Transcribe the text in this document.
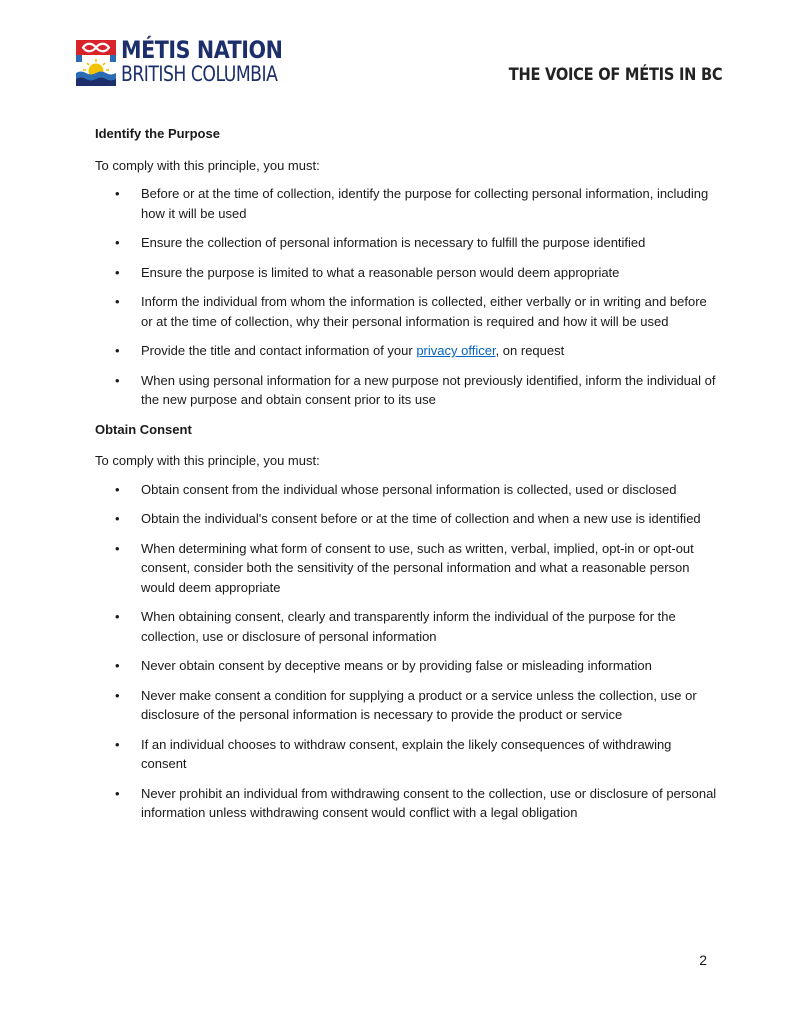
MÉTIS NATION
BRITISH COLUMBIA	THE VOICE OF MÉTIS IN BC
Identify the Purpose
To comply with this principle, you must:
• Before or at the time of collection, identify the purpose for collecting personal information, including how it will be used
• Ensure the collection of personal information is necessary to fulfill the purpose identified
• Ensure the purpose is limited to what a reasonable person would deem appropriate
• Inform the individual from whom the information is collected, either verbally or in writing and before or at the time of collection, why their personal information is required and how it will be used
• Provide the title and contact information of your privacy officer, on request
• When using personal information for a new purpose not previously identified, inform the individual of the new purpose and obtain consent prior to its use
Obtain Consent
To comply with this principle, you must:
• Obtain consent from the individual whose personal information is collected, used or disclosed
• Obtain the individual's consent before or at the time of collection and when a new use is identified
• When determining what form of consent to use, such as written, verbal, implied, opt-in or opt-out consent, consider both the sensitivity of the personal information and what a reasonable person would deem appropriate
• When obtaining consent, clearly and transparently inform the individual of the purpose for the collection, use or disclosure of personal information
• Never obtain consent by deceptive means or by providing false or misleading information
• Never make consent a condition for supplying a product or a service unless the collection, use or disclosure of the personal information is necessary to provide the product or service
• If an individual chooses to withdraw consent, explain the likely consequences of withdrawing consent
• Never prohibit an individual from withdrawing consent to the collection, use or disclosure of personal information unless withdrawing consent would conflict with a legal obligation
2
